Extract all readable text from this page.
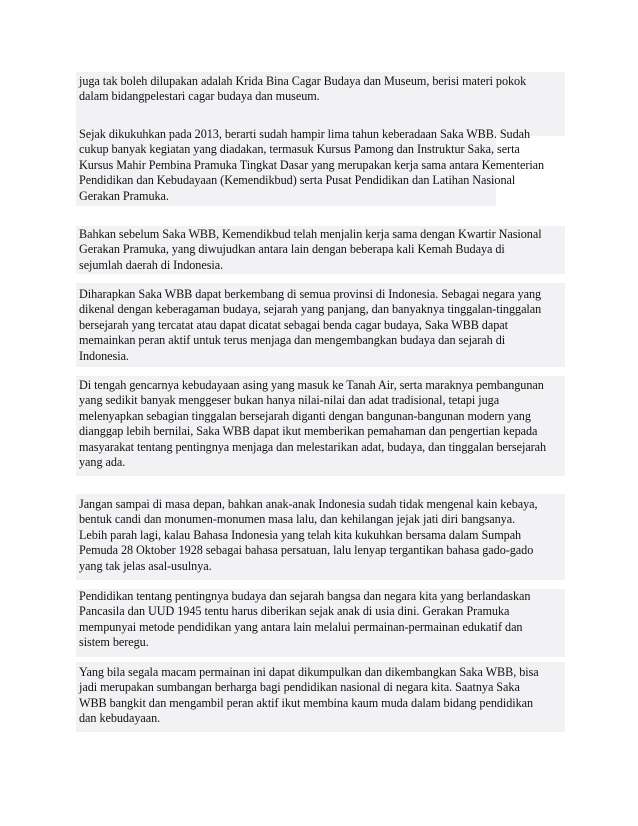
juga tak boleh dilupakan adalah Krida Bina Cagar Budaya dan Museum, berisi materi pokok
dalam bidangpelestari cagar budaya dan museum.
Sejak dikukuhkan pada 2013, berarti sudah hampir lima tahun keberadaan Saka WBB. Sudah
cukup banyak kegiatan yang diadakan, termasuk Kursus Pamong dan Instruktur Saka, serta
Kursus Mahir Pembina Pramuka Tingkat Dasar yang merupakan kerja sama antara Kementerian
Pendidikan dan Kebudayaan (Kemendikbud) serta Pusat Pendidikan dan Latihan Nasional
Gerakan Pramuka.
Bahkan sebelum Saka WBB, Kemendikbud telah menjalin kerja sama dengan Kwartir Nasional
Gerakan Pramuka, yang diwujudkan antara lain dengan beberapa kali Kemah Budaya di
sejumlah daerah di Indonesia.
Diharapkan Saka WBB dapat berkembang di semua provinsi di Indonesia. Sebagai negara yang
dikenal dengan keberagaman budaya, sejarah yang panjang, dan banyaknya tinggalan-tinggalan
bersejarah yang tercatat atau dapat dicatat sebagai benda cagar budaya, Saka WBB dapat
memainkan peran aktif untuk terus menjaga dan mengembangkan budaya dan sejarah di
Indonesia.
Di tengah gencarnya kebudayaan asing yang masuk ke Tanah Air, serta maraknya pembangunan
yang sedikit banyak menggeser bukan hanya nilai-nilai dan adat tradisional, tetapi juga
melenyapkan sebagian tinggalan bersejarah diganti dengan bangunan-bangunan modern yang
dianggap lebih bernilai, Saka WBB dapat ikut memberikan pemahaman dan pengertian kepada
masyarakat tentang pentingnya menjaga dan melestarikan adat, budaya, dan tinggalan bersejarah
yang ada.
Jangan sampai di masa depan, bahkan anak-anak Indonesia sudah tidak mengenal kain kebaya,
bentuk candi dan monumen-monumen masa lalu, dan kehilangan jejak jati diri bangsanya.
Lebih parah lagi, kalau Bahasa Indonesia yang telah kita kukuhkan bersama dalam Sumpah
Pemuda 28 Oktober 1928 sebagai bahasa persatuan, lalu lenyap tergantikan bahasa gado-gado
yang tak jelas asal-usulnya.
Pendidikan tentang pentingnya budaya dan sejarah bangsa dan negara kita yang berlandaskan
Pancasila dan UUD 1945 tentu harus diberikan sejak anak di usia dini. Gerakan Pramuka
mempunyai metode pendidikan yang antara lain melalui permainan-permainan edukatif dan
sistem beregu.
Yang bila segala macam permainan ini dapat dikumpulkan dan dikembangkan Saka WBB, bisa
jadi merupakan sumbangan berharga bagi pendidikan nasional di negara kita. Saatnya Saka
WBB bangkit dan mengambil peran aktif ikut membina kaum muda dalam bidang pendidikan
dan kebudayaan.
